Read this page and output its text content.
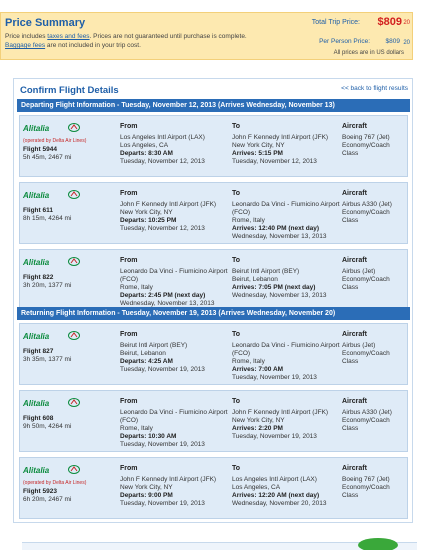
Price Summary
Price includes taxes and fees. Prices are not guaranteed until purchase is complete.
Baggage fees are not included in your trip cost.
Total Trip Price: $809 20
Per Person Price: $809 20
All prices are in US dollars
Confirm Flight Details	<< back to flight results
Departing Flight Information - Tuesday, November 12, 2013 (Arrives Wednesday, November 13)
Alitalia
(operated by Delta Air Lines)
Flight 5944
5h 45m, 2467 mi
From
Los Angeles Intl Airport (LAX)
Los Angeles, CA
Departs: 8:30 AM
Tuesday, November 12, 2013
To
John F Kennedy Intl Airport (JFK)
New York City, NY
Arrives: 5:15 PM
Tuesday, November 12, 2013
Aircraft
Boeing 767 (Jet)
Economy/Coach
Class
Alitalia
Flight 611
8h 15m, 4264 mi
From
John F Kennedy Intl Airport (JFK)
New York City, NY
Departs: 10:25 PM
Tuesday, November 12, 2013
To
Leonardo Da Vinci - Fiumicino Airport (FCO)
Rome, Italy
Arrives: 12:40 PM (next day)
Wednesday, November 13, 2013
Aircraft
Airbus A330 (Jet)
Economy/Coach
Class
Alitalia
Flight 822
3h 20m, 1377 mi
From
Leonardo Da Vinci - Fiumicino Airport (FCO)
Rome, Italy
Departs: 2:45 PM (next day)
Wednesday, November 13, 2013
To
Beirut Intl Airport (BEY)
Beirut, Lebanon
Arrives: 7:05 PM (next day)
Wednesday, November 13, 2013
Aircraft
Airbus (Jet)
Economy/Coach
Class
Returning Flight Information - Tuesday, November 19, 2013 (Arrives Wednesday, November 20)
Alitalia
Flight 827
3h 35m, 1377 mi
From
Beirut Intl Airport (BEY)
Beirut, Lebanon
Departs: 4:25 AM
Tuesday, November 19, 2013
To
Leonardo Da Vinci - Fiumicino Airport (FCO)
Rome, Italy
Arrives: 7:00 AM
Tuesday, November 19, 2013
Aircraft
Airbus (Jet)
Economy/Coach
Class
Alitalia
Flight 608
9h 50m, 4264 mi
From
Leonardo Da Vinci - Fiumicino Airport (FCO)
Rome, Italy
Departs: 10:30 AM
Tuesday, November 19, 2013
To
John F Kennedy Intl Airport (JFK)
New York City, NY
Arrives: 2:20 PM
Tuesday, November 19, 2013
Aircraft
Airbus A330 (Jet)
Economy/Coach
Class
Alitalia
(operated by Delta Air Lines)
Flight 5923
6h 20m, 2467 mi
From
John F Kennedy Intl Airport (JFK)
New York City, NY
Departs: 9:00 PM
Tuesday, November 19, 2013
To
Los Angeles Intl Airport (LAX)
Los Angeles, CA
Arrives: 12:20 AM (next day)
Wednesday, November 20, 2013
Aircraft
Boeing 767 (Jet)
Economy/Coach
Class
